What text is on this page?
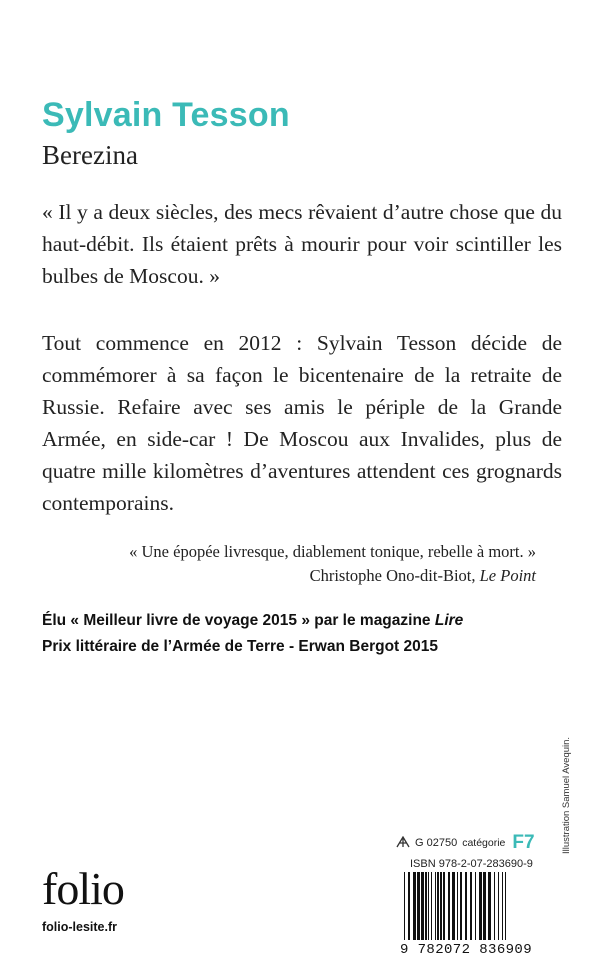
Sylvain Tesson
Berezina
« Il y a deux siècles, des mecs rêvaient d’autre chose que du haut-débit. Ils étaient prêts à mourir pour voir scintiller les bulbes de Moscou. »
Tout commence en 2012 : Sylvain Tesson décide de commémorer à sa façon le bicentenaire de la retraite de Russie. Refaire avec ses amis le périple de la Grande Armée, en side-car ! De Moscou aux Invalides, plus de quatre mille kilomètres d’aventures attendent ces grognards contemporains.
« Une épopée livresque, diablement tonique, rebelle à mort. »
Christophe Ono-dit-Biot, Le Point
Élu « Meilleur livre de voyage 2015 » par le magazine Lire
Prix littéraire de l’Armée de Terre - Erwan Bergot 2015
folio
folio-lesite.fr
G 02750 catégorie F7
ISBN 978-2-07-283690-9
9 782072 836909
Illustration Samuel Avequin.
